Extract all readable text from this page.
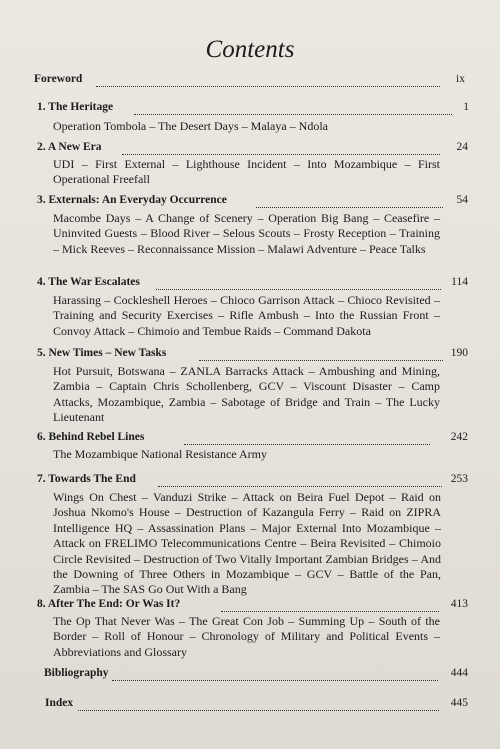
Contents
Foreword	ix
1. The Heritage	1
Operation Tombola – The Desert Days – Malaya – Ndola
2. A New Era	24
UDI – First External – Lighthouse Incident – Into Mozambique – First Operational Freefall
3. Externals: An Everyday Occurrence	54
Macombe Days – A Change of Scenery – Operation Big Bang – Ceasefire – Uninvited Guests – Blood River – Selous Scouts – Frosty Reception – Training – Mick Reeves – Reconnaissance Mission – Malawi Adventure – Peace Talks
4. The War Escalates	114
Harassing – Cockleshell Heroes – Chioco Garrison Attack – Chioco Revisited – Training and Security Exercises – Rifle Ambush – Into the Russian Front – Convoy Attack – Chimoio and Tembue Raids – Command Dakota
5. New Times – New Tasks	190
Hot Pursuit, Botswana – ZANLA Barracks Attack – Ambushing and Mining, Zambia – Captain Chris Schollenberg, GCV – Viscount Disaster – Camp Attacks, Mozambique, Zambia – Sabotage of Bridge and Train – The Lucky Lieutenant
6. Behind Rebel Lines	242
The Mozambique National Resistance Army
7. Towards The End	253
Wings On Chest – Vanduzi Strike – Attack on Beira Fuel Depot – Raid on Joshua Nkomo's House – Destruction of Kazangula Ferry – Raid on ZIPRA Intelligence HQ – Assassination Plans – Major External Into Mozambique – Attack on FRELIMO Telecommunications Centre – Beira Revisited – Chimoio Circle Revisited – Destruction of Two Vitally Important Zambian Bridges – And the Downing of Three Others in Mozambique – GCV – Battle of the Pan, Zambia – The SAS Go Out With a Bang
8. After The End: Or Was It?	413
The Op That Never Was – The Great Con Job – Summing Up – South of the Border – Roll of Honour – Chronology of Military and Political Events – Abbreviations and Glossary
Bibliography	444
Index	445
